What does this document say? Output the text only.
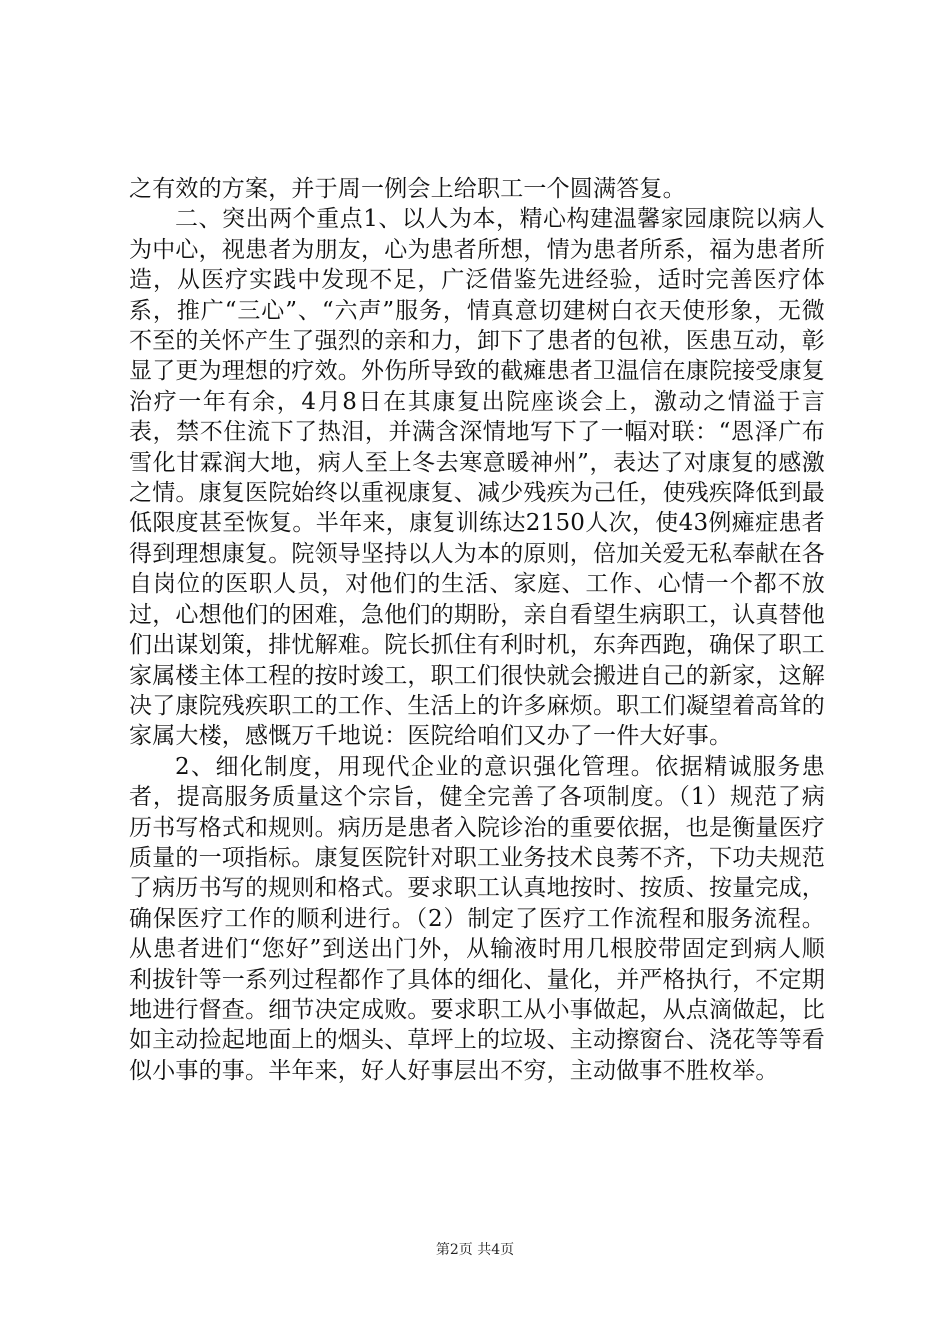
之有效的方案，并于周一例会上给职工一个圆满答复。

二、突出两个重点1、以人为本，精心构建温馨家园康院以病人为中心，视患者为朋友，心为患者所想，情为患者所系，福为患者所造，从医疗实践中发现不足，广泛借鉴先进经验，适时完善医疗体系，推广“三心”、“六声”服务，情真意切建树白衣天使形象，无微不至的关怀产生了强烈的亲和力，卸下了患者的包袱，医患互动，彰显了更为理想的疗效。外伤所导致的截瘫患者卫温信在康院接受康复治疗一年有余，4月8日在其康复出院座谈会上，激动之情溢于言表，禁不住流下了热泪，并满含深情地写下了一幅对联：“恩泽广布雪化甘霖润大地，病人至上冬去寒意暖神州”，表达了对康复的感激之情。康复医院始终以重视康复、减少残疾为己任，使残疾降低到最低限度甚至恢复。半年来，康复训练达2150人次，使43例瘫症患者得到理想康复。院领导坚持以人为本的原则，倍加关爱无私奉献在各自岗位的医职人员，对他们的生活、家庭、工作、心情一个都不放过，心想他们的困难，急他们的期盼，亲自看望生病职工，认真替他们出谋划策，排忧解难。院长抓住有利时机，东奔西跑，确保了职工家属楼主体工程的按时竣工，职工们很快就会搬进自己的新家，这解决了康院残疾职工的工作、生活上的许多麻烦。职工们凝望着高耸的家属大楼，感慨万千地说：医院给咱们又办了一件大好事。

2、细化制度，用现代企业的意识强化管理。依据精诚服务患者，提高服务质量这个宗旨，健全完善了各项制度。（1）规范了病历书写格式和规则。病历是患者入院诊治的重要依据，也是衡量医疗质量的一项指标。康复医院针对职工业务技术良莠不齐，下功夫规范了病历书写的规则和格式。要求职工认真地按时、按质、按量完成，确保医疗工作的顺利进行。（2）制定了医疗工作流程和服务流程。从患者进们“您好”到送出门外，从输液时用几根胶带固定到病人顺利拔针等一系列过程都作了具体的细化、量化，并严格执行，不定期地进行督查。细节决定成败。要求职工从小事做起，从点滴做起，比如主动捡起地面上的烟头、草坪上的垃圾、主动擦窗台、浇花等等看似小事的事。半年来，好人好事层出不穷，主动做事不胜枚举。

第2页 共4页
